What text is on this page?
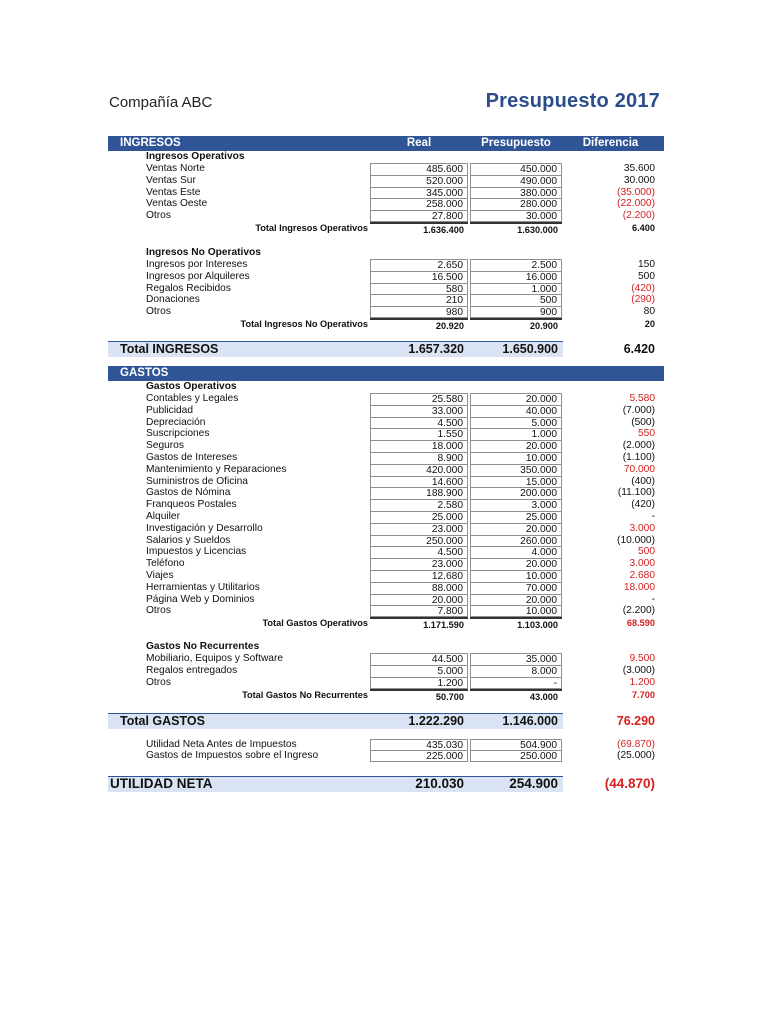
Compañía ABC	Presupuesto 2017
INGRESOS	Real	Presupuesto	Diferencia
Ingresos Operativos
Ventas Norte	485.600	450.000	35.600
Ventas Sur	520.000	490.000	30.000
Ventas Este	345.000	380.000	(35.000)
Ventas Oeste	258.000	280.000	(22.000)
Otros	27.800	30.000	(2.200)
Total Ingresos Operativos	1.636.400	1.630.000	6.400
Ingresos No Operativos
Ingresos por Intereses	2.650	2.500	150
Ingresos por Alquileres	16.500	16.000	500
Regalos Recibidos	580	1.000	(420)
Donaciones	210	500	(290)
Otros	980	900	80
Total Ingresos No Operativos	20.920	20.900	20
Total INGRESOS	1.657.320	1.650.900	6.420
GASTOS
Gastos Operativos
Contables y Legales	25.580	20.000	5.580
Publicidad	33.000	40.000	(7.000)
Depreciación	4.500	5.000	(500)
Suscripciones	1.550	1.000	550
Seguros	18.000	20.000	(2.000)
Gastos de Intereses	8.900	10.000	(1.100)
Mantenimiento y Reparaciones	420.000	350.000	70.000
Suministros de Oficina	14.600	15.000	(400)
Gastos de Nómina	188.900	200.000	(11.100)
Franqueos Postales	2.580	3.000	(420)
Alquiler	25.000	25.000	-
Investigación y Desarrollo	23.000	20.000	3.000
Salarios y Sueldos	250.000	260.000	(10.000)
Impuestos y Licencias	4.500	4.000	500
Teléfono	23.000	20.000	3.000
Viajes	12.680	10.000	2.680
Herramientas y Utilitarios	88.000	70.000	18.000
Página Web y Dominios	20.000	20.000	-
Otros	7.800	10.000	(2.200)
Total Gastos Operativos	1.171.590	1.103.000	68.590
Gastos No Recurrentes
Mobiliario, Equipos y Software	44.500	35.000	9.500
Regalos entregados	5.000	8.000	(3.000)
Otros	1.200	-	1.200
Total Gastos No Recurrentes	50.700	43.000	7.700
Total GASTOS	1.222.290	1.146.000	76.290
Utilidad Neta Antes de Impuestos	435.030	504.900	(69.870)
Gastos de Impuestos sobre el Ingreso	225.000	250.000	(25.000)
UTILIDAD NETA	210.030	254.900	(44.870)
